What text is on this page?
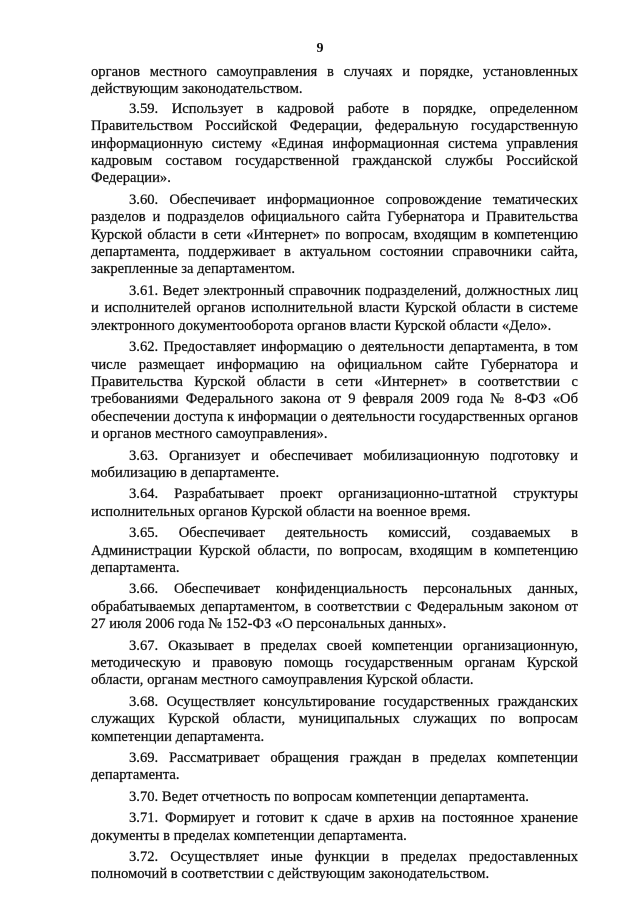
9

органов местного самоуправления в случаях и порядке, установленных действующим законодательством.

3.59. Использует в кадровой работе в порядке, определенном Правительством Российской Федерации, федеральную государственную информационную систему «Единая информационная система управления кадровым составом государственной гражданской службы Российской Федерации».

3.60. Обеспечивает информационное сопровождение тематических разделов и подразделов официального сайта Губернатора и Правительства Курской области в сети «Интернет» по вопросам, входящим в компетенцию департамента, поддерживает в актуальном состоянии справочники сайта, закрепленные за департаментом.

3.61. Ведет электронный справочник подразделений, должностных лиц и исполнителей органов исполнительной власти Курской области в системе электронного документооборота органов власти Курской области «Дело».

3.62. Предоставляет информацию о деятельности департамента, в том числе размещает информацию на официальном сайте Губернатора и Правительства Курской области в сети «Интернет» в соответствии с требованиями Федерального закона от 9 февраля 2009 года № 8-ФЗ «Об обеспечении доступа к информации о деятельности государственных органов и органов местного самоуправления».

3.63. Организует и обеспечивает мобилизационную подготовку и мобилизацию в департаменте.

3.64. Разрабатывает проект организационно-штатной структуры исполнительных органов Курской области на военное время.

3.65. Обеспечивает деятельность комиссий, создаваемых в Администрации Курской области, по вопросам, входящим в компетенцию департамента.

3.66. Обеспечивает конфиденциальность персональных данных, обрабатываемых департаментом, в соответствии с Федеральным законом от 27 июля 2006 года № 152-ФЗ «О персональных данных».

3.67. Оказывает в пределах своей компетенции организационную, методическую и правовую помощь государственным органам Курской области, органам местного самоуправления Курской области.

3.68. Осуществляет консультирование государственных гражданских служащих Курской области, муниципальных служащих по вопросам компетенции департамента.

3.69. Рассматривает обращения граждан в пределах компетенции департамента.

3.70. Ведет отчетность по вопросам компетенции департамента.

3.71. Формирует и готовит к сдаче в архив на постоянное хранение документы в пределах компетенции департамента.

3.72. Осуществляет иные функции в пределах предоставленных полномочий в соответствии с действующим законодательством.
